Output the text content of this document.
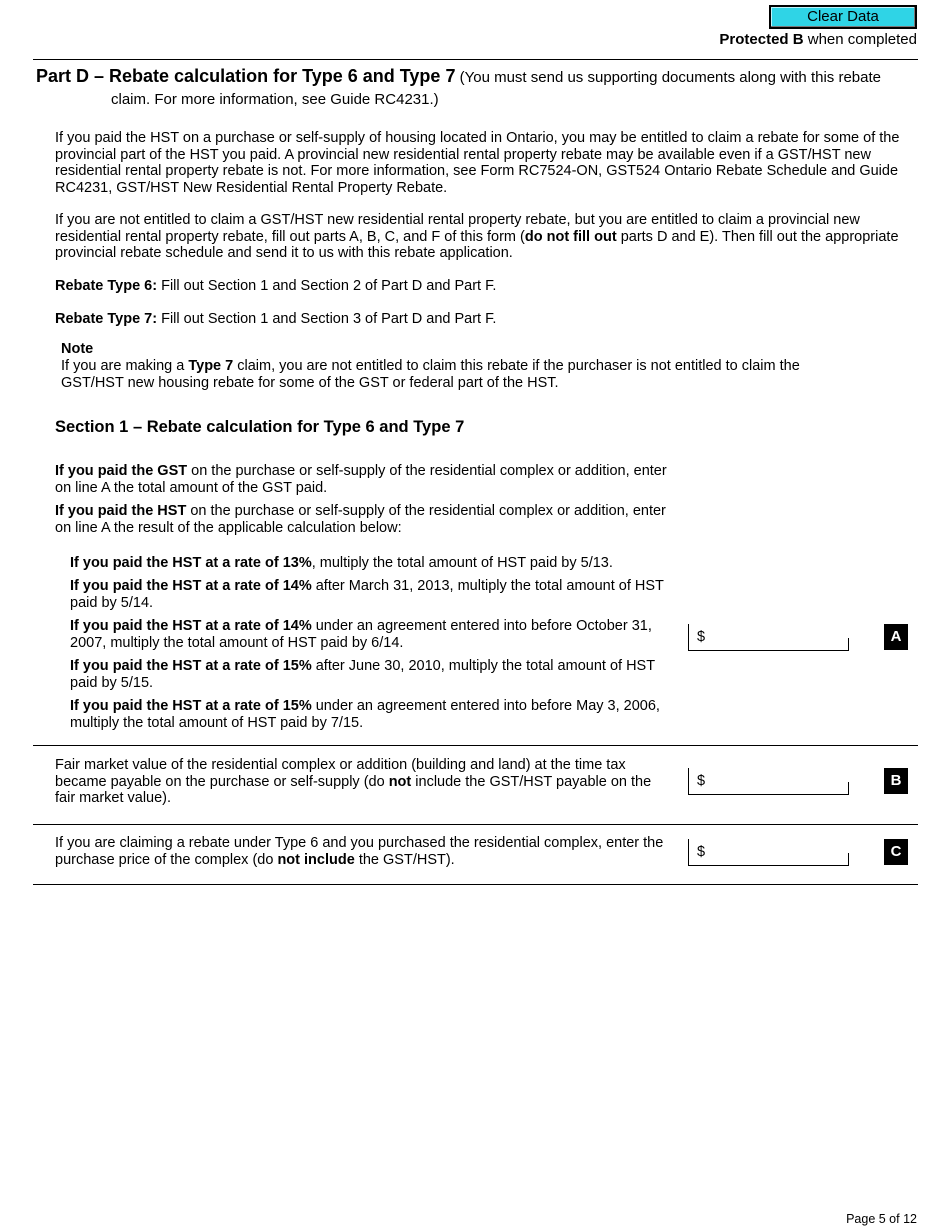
Clear Data
Protected B when completed
Part D – Rebate calculation for Type 6 and Type 7 (You must send us supporting documents along with this rebate
claim. For more information, see Guide RC4231.)
If you paid the HST on a purchase or self-supply of housing located in Ontario, you may be entitled to claim a rebate for some of the provincial part of the HST you paid. A provincial new residential rental property rebate may be available even if a GST/HST new residential rental property rebate is not. For more information, see Form RC7524-ON, GST524 Ontario Rebate Schedule and Guide RC4231, GST/HST New Residential Rental Property Rebate.
If you are not entitled to claim a GST/HST new residential rental property rebate, but you are entitled to claim a provincial new residential rental property rebate, fill out parts A, B, C, and F of this form (do not fill out parts D and E). Then fill out the appropriate provincial rebate schedule and send it to us with this rebate application.
Rebate Type 6: Fill out Section 1 and Section 2 of Part D and Part F.
Rebate Type 7: Fill out Section 1 and Section 3 of Part D and Part F.
Note
If you are making a Type 7 claim, you are not entitled to claim this rebate if the purchaser is not entitled to claim the GST/HST new housing rebate for some of the GST or federal part of the HST.
Section 1 – Rebate calculation for Type 6 and Type 7
If you paid the GST on the purchase or self-supply of the residential complex or addition, enter on line A the total amount of the GST paid.
If you paid the HST on the purchase or self-supply of the residential complex or addition, enter on line A the result of the applicable calculation below:
If you paid the HST at a rate of 13%, multiply the total amount of HST paid by 5/13.
If you paid the HST at a rate of 14% after March 31, 2013, multiply the total amount of HST paid by 5/14.
If you paid the HST at a rate of 14% under an agreement entered into before October 31, 2007, multiply the total amount of HST paid by 6/14.
If you paid the HST at a rate of 15% after June 30, 2010, multiply the total amount of HST paid by 5/15.
If you paid the HST at a rate of 15% under an agreement entered into before May 3, 2006, multiply the total amount of HST paid by 7/15.
$	A
Fair market value of the residential complex or addition (building and land) at the time tax became payable on the purchase or self-supply (do not include the GST/HST payable on the fair market value).
$	B
If you are claiming a rebate under Type 6 and you purchased the residential complex, enter the purchase price of the complex (do not include the GST/HST).	$	C
Page 5 of 12
